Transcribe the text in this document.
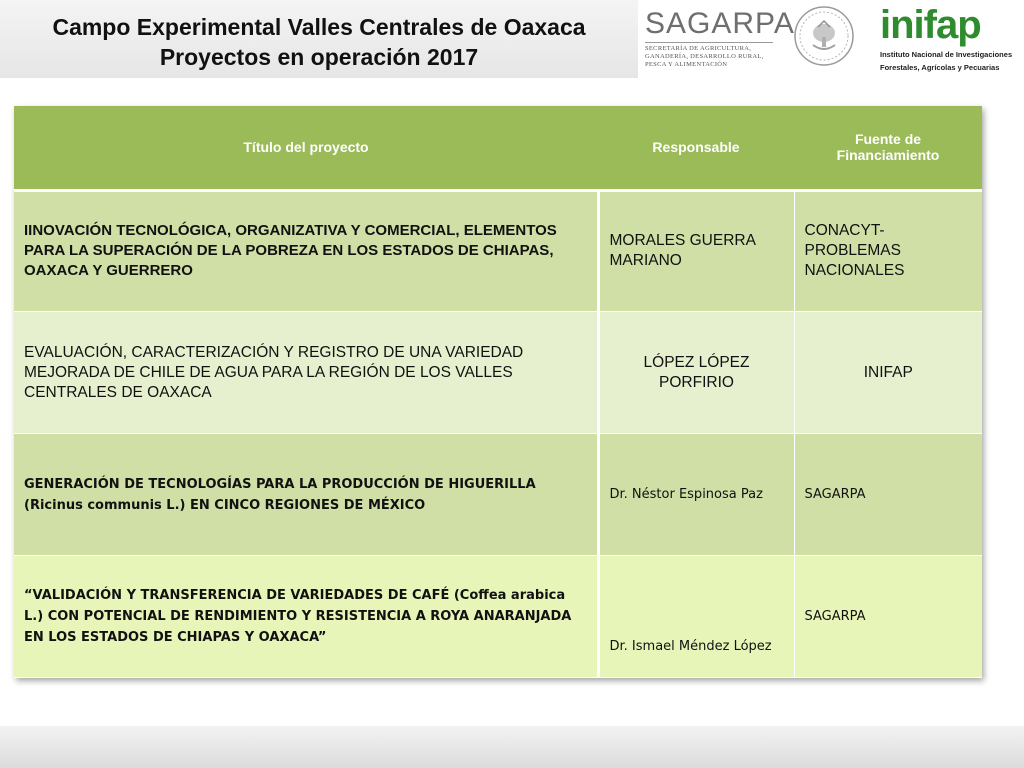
Campo Experimental Valles Centrales de Oaxaca
Proyectos en operación 2017
SAGARPA
SECRETARÍA DE AGRICULTURA,
GANADERÍA, DESARROLLO RURAL,
PESCA Y ALIMENTACIÓN
inifap
Instituto Nacional de Investigaciones
Forestales, Agrícolas y Pecuarias
Título del proyecto	Responsable	Fuente de Financiamiento
IINOVACIÓN TECNOLÓGICA, ORGANIZATIVA Y COMERCIAL, ELEMENTOS PARA LA SUPERACIÓN DE LA POBREZA EN LOS ESTADOS DE CHIAPAS, OAXACA Y GUERRERO	MORALES GUERRA MARIANO	CONACYT- PROBLEMAS NACIONALES
EVALUACIÓN, CARACTERIZACIÓN Y REGISTRO DE UNA VARIEDAD MEJORADA DE CHILE DE AGUA PARA LA REGIÓN DE LOS VALLES CENTRALES DE OAXACA	LÓPEZ LÓPEZ PORFIRIO	INIFAP
GENERACIÓN DE TECNOLOGÍAS PARA LA PRODUCCIÓN DE HIGUERILLA (Ricinus communis L.) EN CINCO REGIONES DE MÉXICO	Dr. Néstor Espinosa Paz	SAGARPA
“VALIDACIÓN Y TRANSFERENCIA DE VARIEDADES DE CAFÉ (Coffea arabica L.) CON POTENCIAL DE RENDIMIENTO Y RESISTENCIA A ROYA ANARANJADA EN LOS ESTADOS DE CHIAPAS Y OAXACA”	Dr. Ismael Méndez López	SAGARPA
